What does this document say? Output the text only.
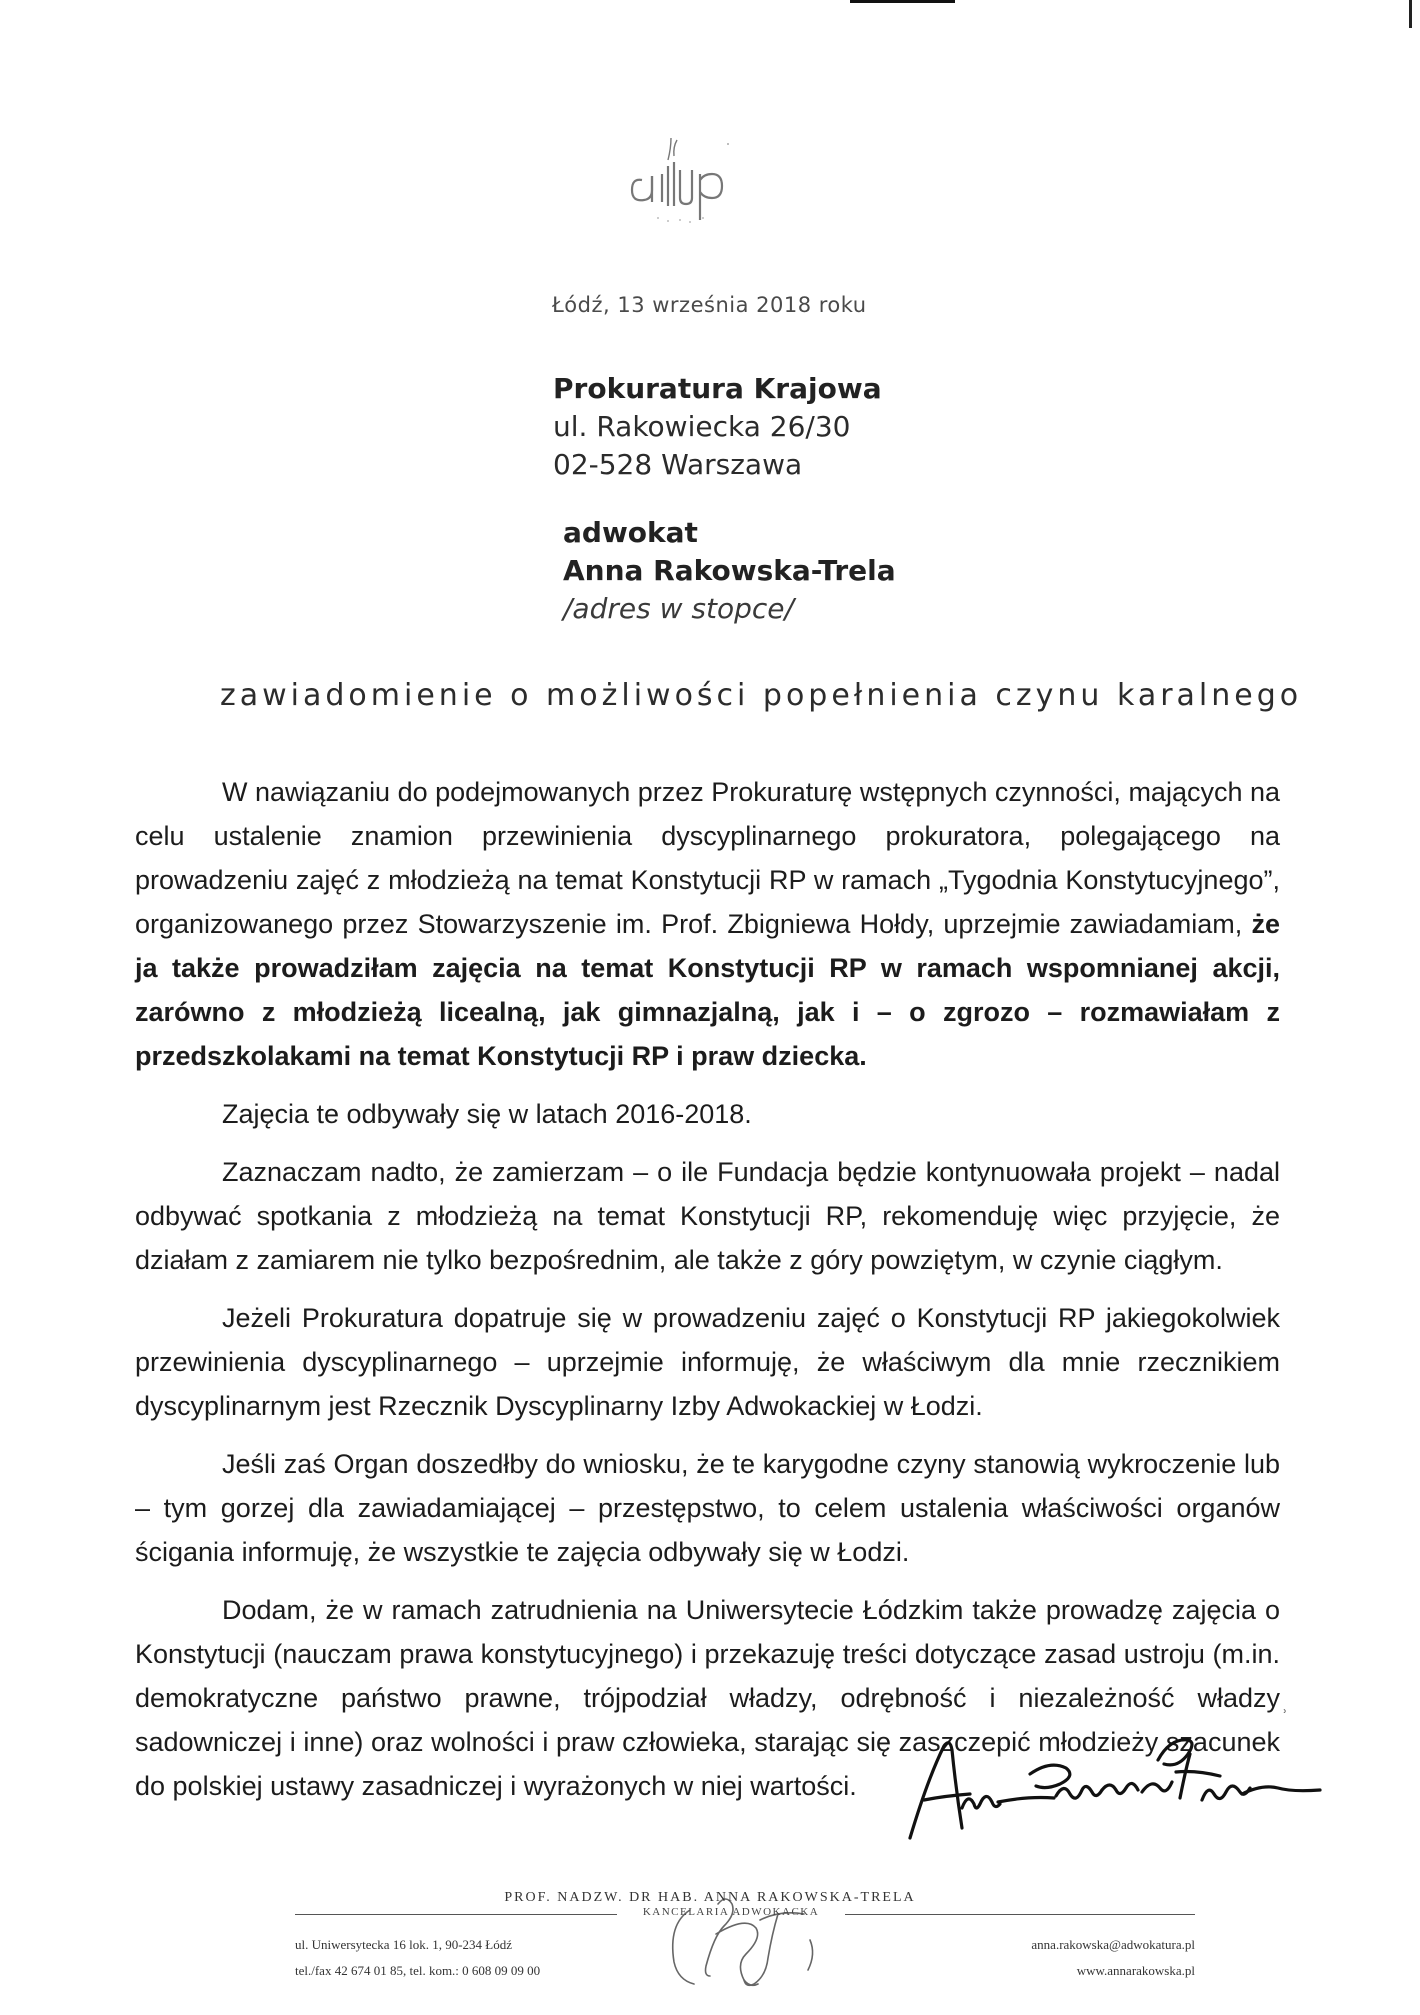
Łódź, 13 września 2018 roku
Prokuratura Krajowa
ul. Rakowiecka 26/30
02-528 Warszawa
adwokat
Anna Rakowska-Trela
/adres w stopce/
zawiadomienie o możliwości popełnienia czynu karalnego

W nawiązaniu do podejmowanych przez Prokuraturę wstępnych czynności, mających na celu ustalenie znamion przewinienia dyscyplinarnego prokuratora, polegającego na prowadzeniu zajęć z młodzieżą na temat Konstytucji RP w ramach „Tygodnia Konstytucyjnego”, organizowanego przez Stowarzyszenie im. Prof. Zbigniewa Hołdy, uprzejmie zawiadamiam, że ja także prowadziłam zajęcia na temat Konstytucji RP w ramach wspomnianej akcji, zarówno z młodzieżą licealną, jak gimnazjalną, jak i – o zgrozo – rozmawiałam z przedszkolakami na temat Konstytucji RP i praw dziecka.

Zajęcia te odbywały się w latach 2016-2018.

Zaznaczam nadto, że zamierzam – o ile Fundacja będzie kontynuowała projekt – nadal odbywać spotkania z młodzieżą na temat Konstytucji RP, rekomenduję więc przyjęcie, że działam z zamiarem nie tylko bezpośrednim, ale także z góry powziętym, w czynie ciągłym.

Jeżeli Prokuratura dopatruje się w prowadzeniu zajęć o Konstytucji RP jakiegokolwiek przewinienia dyscyplinarnego – uprzejmie informuję, że właściwym dla mnie rzecznikiem dyscyplinarnym jest Rzecznik Dyscyplinarny Izby Adwokackiej w Łodzi.

Jeśli zaś Organ doszedłby do wniosku, że te karygodne czyny stanowią wykroczenie lub – tym gorzej dla zawiadamiającej – przestępstwo, to celem ustalenia właściwości organów ścigania informuję, że wszystkie te zajęcia odbywały się w Łodzi.

Dodam, że w ramach zatrudnienia na Uniwersytecie Łódzkim także prowadzę zajęcia o Konstytucji (nauczam prawa konstytucyjnego) i przekazuję treści dotyczące zasad ustroju (m.in. demokratyczne państwo prawne, trójpodział władzy, odrębność i niezależność władzy sadowniczej i inne) oraz wolności i praw człowieka, starając się zaszczepić młodzieży szacunek do polskiej ustawy zasadniczej i wyrażonych w niej wartości.

ʾ
PROF. NADZW. DR HAB. ANNA RAKOWSKA-TRELA
KANCELARIA ADWOKACKA
ul. Uniwersytecka 16 lok. 1, 90-234 Łódź
tel./fax 42 674 01 85, tel. kom.: 0 608 09 09 00
anna.rakowska@adwokatura.pl
www.annarakowska.pl
